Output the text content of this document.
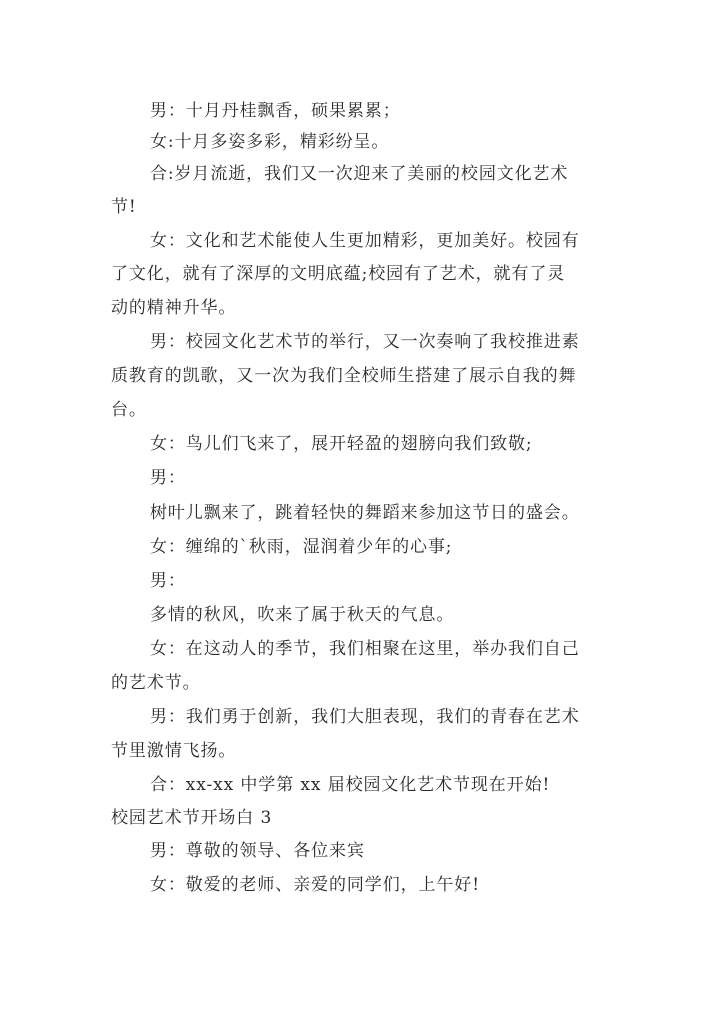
男：十月丹桂飘香，硕果累累；
女:十月多姿多彩，精彩纷呈。
合:岁月流逝，我们又一次迎来了美丽的校园文化艺术
节!
女：文化和艺术能使人生更加精彩，更加美好。校园有
了文化，就有了深厚的文明底蕴;校园有了艺术，就有了灵
动的精神升华。
男：校园文化艺术节的举行，又一次奏响了我校推进素
质教育的凯歌，又一次为我们全校师生搭建了展示自我的舞
台。
女：鸟儿们飞来了，展开轻盈的翅膀向我们致敬;
男：
树叶儿飘来了，跳着轻快的舞蹈来参加这节日的盛会。
女：缠绵的`秋雨，湿润着少年的心事;
男：
多情的秋风，吹来了属于秋天的气息。
女：在这动人的季节，我们相聚在这里，举办我们自己
的艺术节。
男：我们勇于创新，我们大胆表现，我们的青春在艺术
节里激情飞扬。
合：xx-xx 中学第 xx 届校园文化艺术节现在开始!
校园艺术节开场白 3
男：尊敬的领导、各位来宾
女：敬爱的老师、亲爱的同学们，上午好!
